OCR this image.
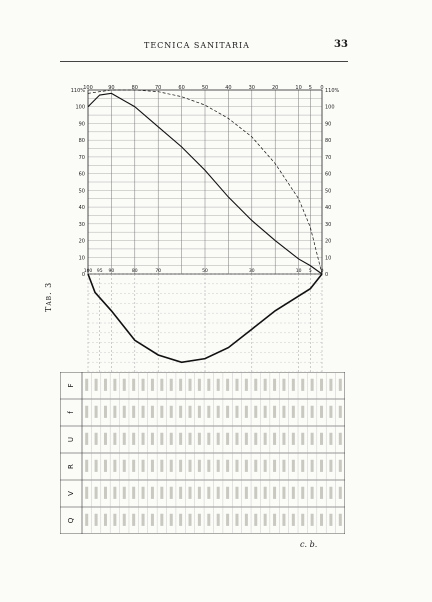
TECNICA SANITARIA	33
Tab. 3
100	90	80	70	60	50	40	30	20	10 5 0
0	0
10	10
20	20
30	30
40	40
50	50
60	60
70	70
80	80
90	90
100	100
110%	110%
100 95 90	80	70	50	30	10 5 0
F
f
U
R
V
Q
c. b.
